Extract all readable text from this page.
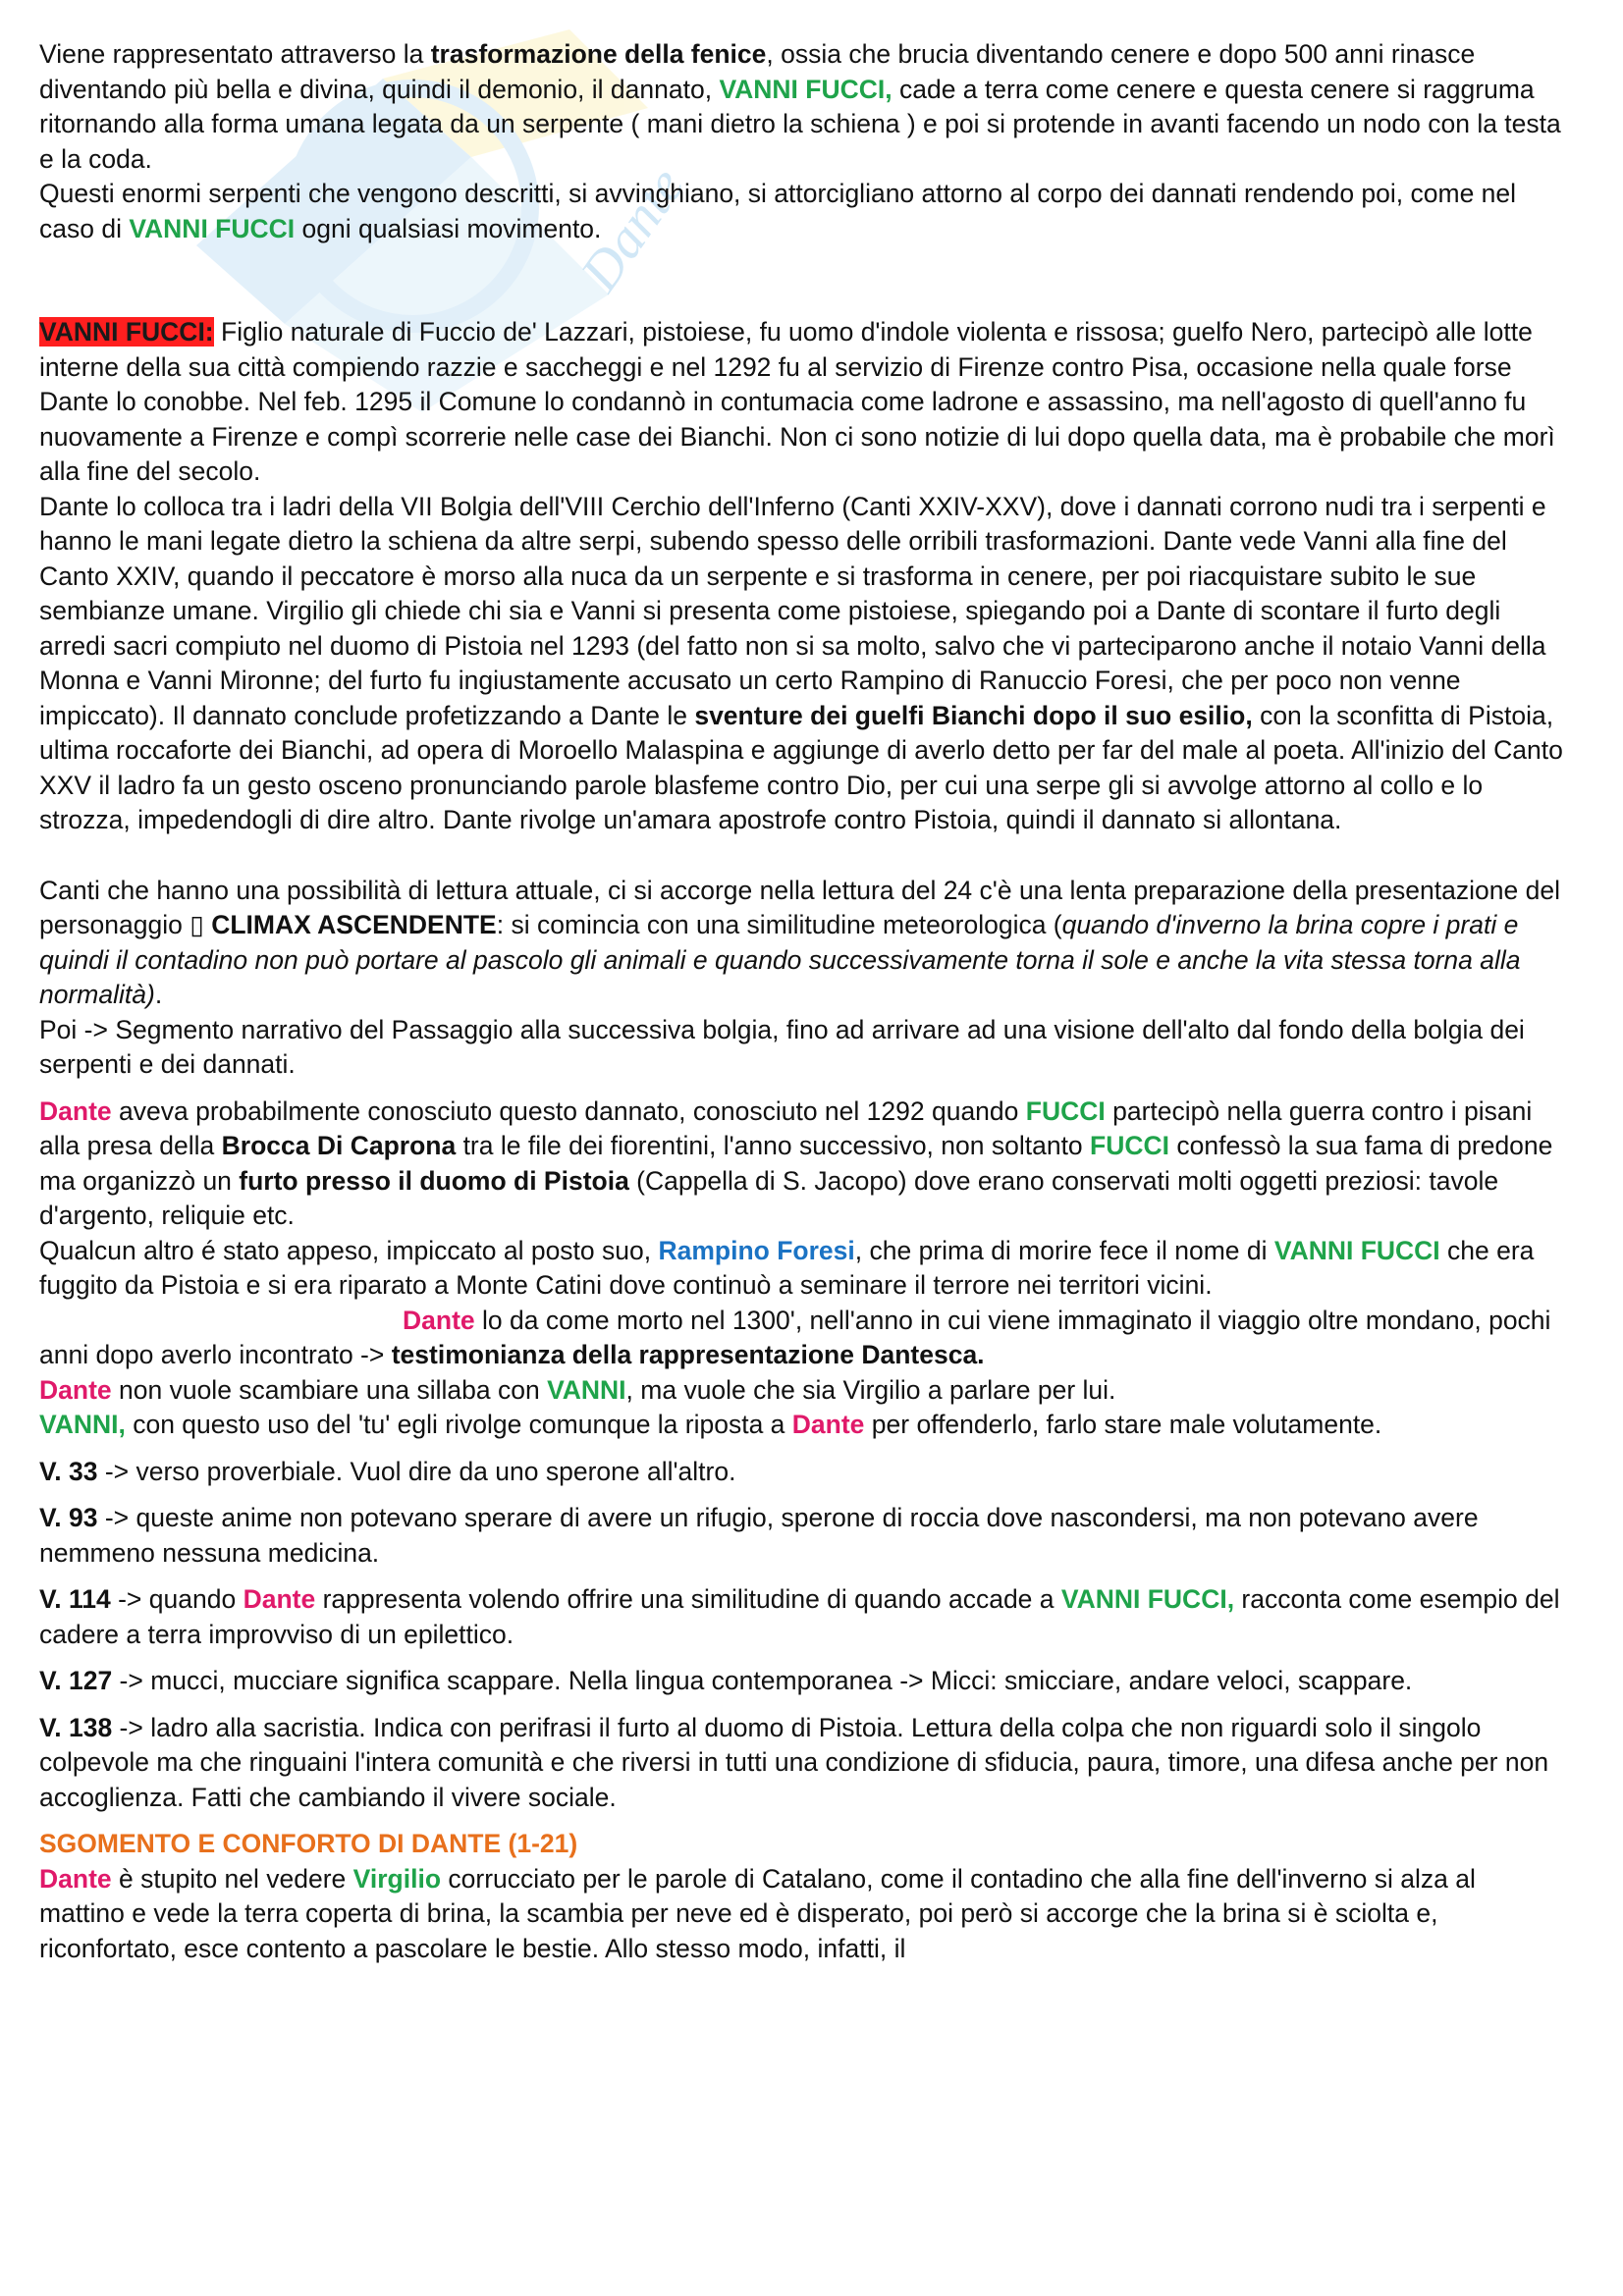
Dante

Viene rappresentato attraverso la trasformazione della fenice, ossia che brucia diventando cenere e dopo 500 anni rinasce diventando più bella e divina, quindi il demonio, il dannato, VANNI FUCCI, cade a terra come cenere e questa cenere si raggruma ritornando alla forma umana legata da un serpente ( mani dietro la schiena ) e poi si protende in avanti facendo un nodo con la testa e la coda.

Questi enormi serpenti che vengono descritti, si avvinghiano, si attorcigliano attorno al corpo dei dannati rendendo poi, come nel caso di VANNI FUCCI ogni qualsiasi movimento.

VANNI FUCCI: Figlio naturale di Fuccio de' Lazzari, pistoiese, fu uomo d'indole violenta e rissosa; guelfo Nero, partecipò alle lotte interne della sua città compiendo razzie e saccheggi e nel 1292 fu al servizio di Firenze contro Pisa, occasione nella quale forse Dante lo conobbe. Nel feb. 1295 il Comune lo condannò in contumacia come ladrone e assassino, ma nell'agosto di quell'anno fu nuovamente a Firenze e compì scorrerie nelle case dei Bianchi. Non ci sono notizie di lui dopo quella data, ma è probabile che morì alla fine del secolo.

Dante lo colloca tra i ladri della VII Bolgia dell'VIII Cerchio dell'Inferno (Canti XXIV-XXV), dove i dannati corrono nudi tra i serpenti e hanno le mani legate dietro la schiena da altre serpi, subendo spesso delle orribili trasformazioni. Dante vede Vanni alla fine del Canto XXIV, quando il peccatore è morso alla nuca da un serpente e si trasforma in cenere, per poi riacquistare subito le sue sembianze umane. Virgilio gli chiede chi sia e Vanni si presenta come pistoiese, spiegando poi a Dante di scontare il furto degli arredi sacri compiuto nel duomo di Pistoia nel 1293 (del fatto non si sa molto, salvo che vi parteciparono anche il notaio Vanni della Monna e Vanni Mironne; del furto fu ingiustamente accusato un certo Rampino di Ranuccio Foresi, che per poco non venne impiccato). Il dannato conclude profetizzando a Dante le sventure dei guelfi Bianchi dopo il suo esilio, con la sconfitta di Pistoia, ultima roccaforte dei Bianchi, ad opera di Moroello Malaspina e aggiunge di averlo detto per far del male al poeta. All'inizio del Canto XXV il ladro fa un gesto osceno pronunciando parole blasfeme contro Dio, per cui una serpe gli si avvolge attorno al collo e lo strozza, impedendogli di dire altro. Dante rivolge un'amara apostrofe contro Pistoia, quindi il dannato si allontana.

Canti che hanno una possibilità di lettura attuale, ci si accorge nella lettura del 24 c'è una lenta preparazione della presentazione del personaggio ▯ CLIMAX ASCENDENTE: si comincia con una similitudine meteorologica (quando d'inverno la brina copre i prati e quindi il contadino non può portare al pascolo gli animali e quando successivamente torna il sole e anche la vita stessa torna alla normalità).

Poi -> Segmento narrativo del Passaggio alla successiva bolgia, fino ad arrivare ad una visione dell'alto dal fondo della bolgia dei serpenti e dei dannati.

Dante aveva probabilmente conosciuto questo dannato, conosciuto nel 1292 quando FUCCI partecipò nella guerra contro i pisani alla presa della Brocca Di Caprona tra le file dei fiorentini, l'anno successivo, non soltanto FUCCI confessò la sua fama di predone ma organizzò un furto presso il duomo di Pistoia (Cappella di S. Jacopo) dove erano conservati molti oggetti preziosi: tavole d'argento, reliquie etc.

Qualcun altro é stato appeso, impiccato al posto suo, Rampino Foresi, che prima di morire fece il nome di VANNI FUCCI che era fuggito da Pistoia e si era riparato a Monte Catini dove continuò a seminare il terrore nei territori vicini.Dante lo da come morto nel 1300', nell'anno in cui viene immaginato il viaggio oltre mondano, pochi anni dopo averlo incontrato -> testimonianza della rappresentazione Dantesca.

Dante non vuole scambiare una sillaba con VANNI, ma vuole che sia Virgilio a parlare per lui.

VANNI, con questo uso del 'tu' egli rivolge comunque la riposta a Dante per offenderlo, farlo stare male volutamente.

V. 33 -> verso proverbiale. Vuol dire da uno sperone all'altro.

V. 93 -> queste anime non potevano sperare di avere un rifugio, sperone di roccia dove nascondersi, ma non potevano avere nemmeno nessuna medicina.

V. 114 -> quando Dante rappresenta volendo offrire una similitudine di quando accade a VANNI FUCCI, racconta come esempio del cadere a terra improvviso di un epilettico.

V. 127 -> mucci, mucciare significa scappare. Nella lingua contemporanea -> Micci: smicciare, andare veloci, scappare.

V. 138 -> ladro alla sacristia. Indica con perifrasi il furto al duomo di Pistoia. Lettura della colpa che non riguardi solo il singolo colpevole ma che ringuaini l'intera comunità e che riversi in tutti una condizione di sfiducia, paura, timore, una difesa anche per non accoglienza. Fatti che cambiando il vivere sociale.

SGOMENTO E CONFORTO DI DANTE (1-21)

Dante è stupito nel vedere Virgilio corrucciato per le parole di Catalano, come il contadino che alla fine dell'inverno si alza al mattino e vede la terra coperta di brina, la scambia per neve ed è disperato, poi però si accorge che la brina si è sciolta e, riconfortato, esce contento a pascolare le bestie. Allo stesso modo, infatti, il
